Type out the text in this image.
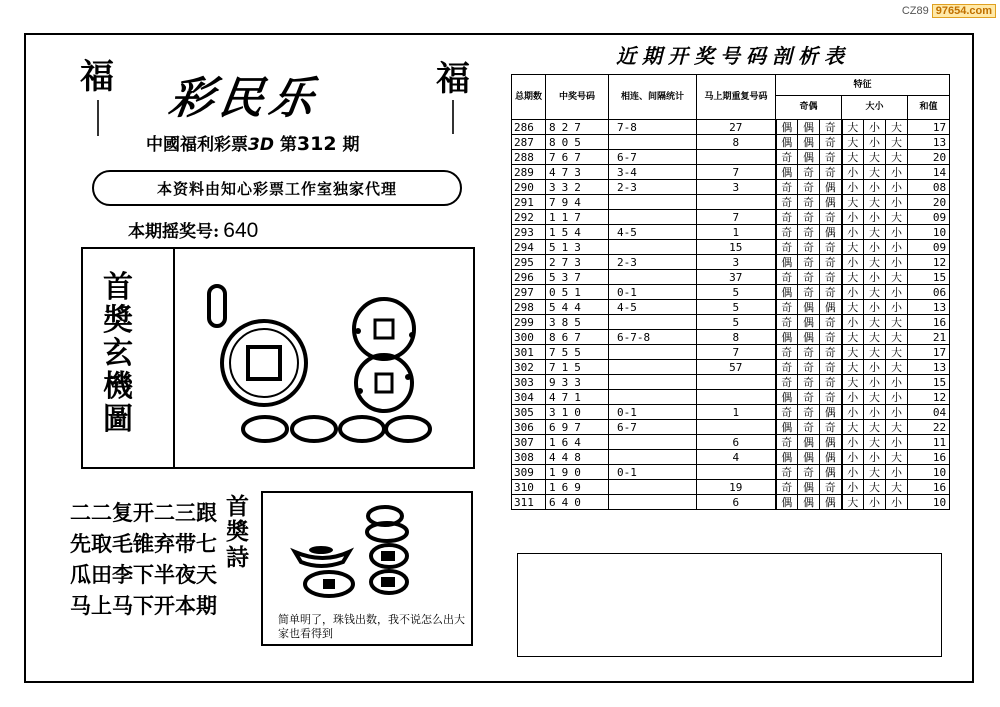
CZ89 97654.com
福	福
彩民乐
中國福利彩票3D 第312 期
本资料由知心彩票工作室独家代理
本期摇奖号: 640
首
奬
玄
機
圖
二二复开二三跟
先取毛锥弃带七
瓜田李下半夜天
马上马下开本期
首
奬
詩
简单明了，珠钱出数，我不说怎么出大家也看得到
近期开奖号码剖析表
总期数	中奖号码	相连、间隔统计	马上期重复号码	特征						
				奇偶			大小			和值
286	827	7-8	27	偶	偶	奇	大	小	大	17
287	805		8	偶	偶	奇	大	小	大	13
288	767	6-7		奇	偶	奇	大	大	大	20
289	473	3-4	7	偶	奇	奇	小	大	小	14
290	332	2-3	3	奇	奇	偶	小	小	小	08
291	794			奇	奇	偶	大	大	小	20
292	117		7	奇	奇	奇	小	小	大	09
293	154	4-5	1	奇	奇	偶	小	大	小	10
294	513		15	奇	奇	奇	大	小	小	09
295	273	2-3	3	偶	奇	奇	小	大	小	12
296	537		37	奇	奇	奇	大	小	大	15
297	051	0-1	5	偶	奇	奇	小	大	小	06
298	544	4-5	5	奇	偶	偶	大	小	小	13
299	385		5	奇	偶	奇	小	大	大	16
300	867	6-7-8	8	偶	偶	奇	大	大	大	21
301	755		7	奇	奇	奇	大	大	大	17
302	715		57	奇	奇	奇	大	小	大	13
303	933			奇	奇	奇	大	小	小	15
304	471			偶	奇	奇	小	大	小	12
305	310	0-1	1	奇	奇	偶	小	小	小	04
306	697	6-7		偶	奇	奇	大	大	大	22
307	164		6	奇	偶	偶	小	大	小	11
308	448		4	偶	偶	偶	小	小	大	16
309	190	0-1		奇	奇	偶	小	大	小	10
310	169		19	奇	偶	奇	小	大	大	16
311	640		6	偶	偶	偶	大	小	小	10
